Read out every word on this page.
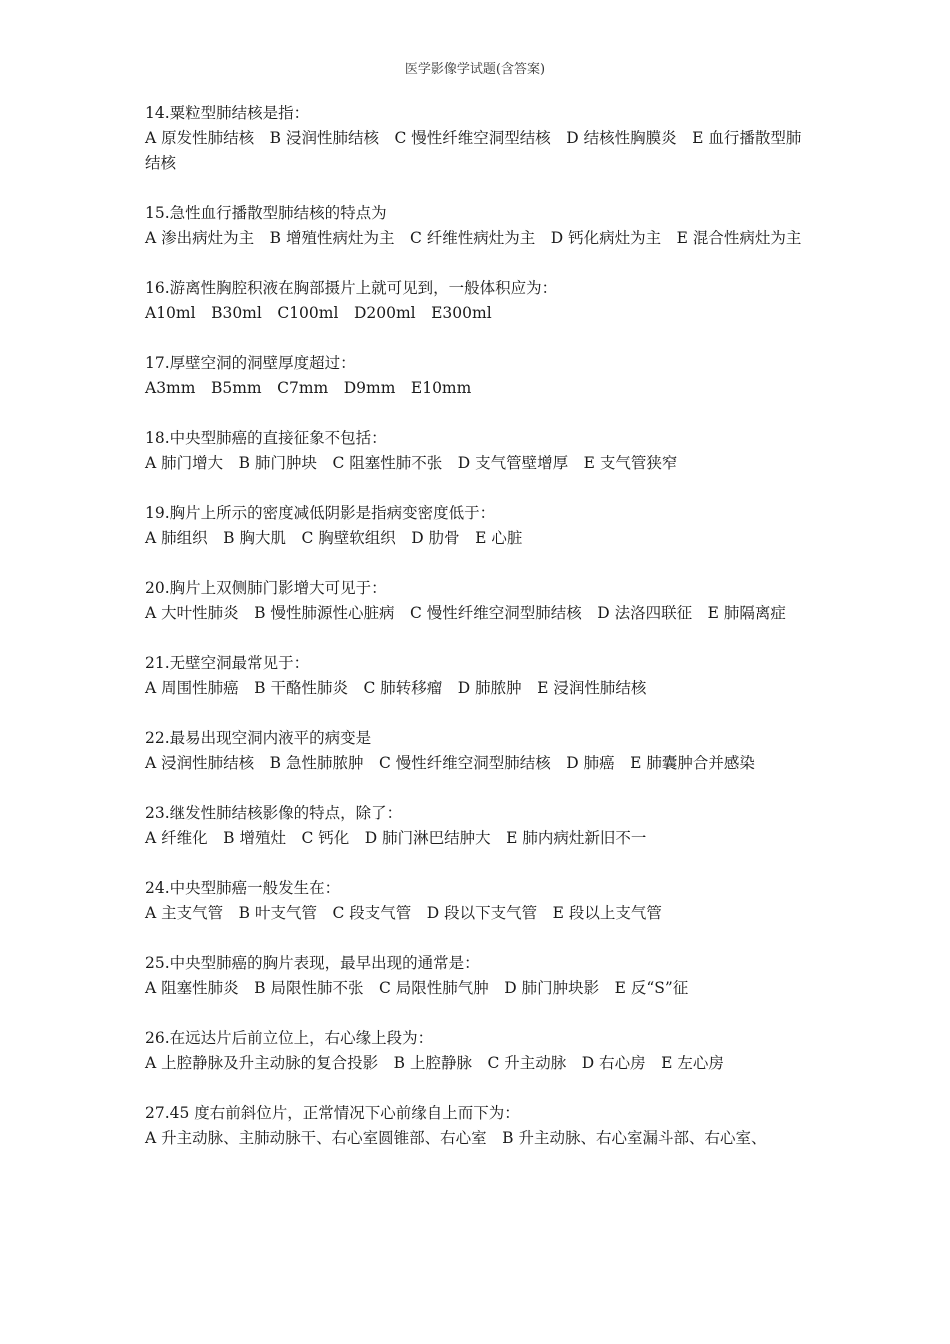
医学影像学试题(含答案)
14.粟粒型肺结核是指：
A 原发性肺结核　B 浸润性肺结核　C 慢性纤维空洞型结核　D 结核性胸膜炎　E 血行播散型肺结核
15.急性血行播散型肺结核的特点为
A 渗出病灶为主　B 增殖性病灶为主　C 纤维性病灶为主　D 钙化病灶为主　E 混合性病灶为主
16.游离性胸腔积液在胸部摄片上就可见到，一般体积应为：
A10ml　B30ml　C100ml　D200ml　E300ml
17.厚壁空洞的洞壁厚度超过：
A3mm　B5mm　C7mm　D9mm　E10mm
18.中央型肺癌的直接征象不包括：
A 肺门增大　B 肺门肿块　C 阻塞性肺不张　D 支气管壁增厚　E 支气管狭窄
19.胸片上所示的密度减低阴影是指病变密度低于：
A 肺组织　B 胸大肌　C 胸壁软组织　D 肋骨　E 心脏
20.胸片上双侧肺门影增大可见于：
A 大叶性肺炎　B 慢性肺源性心脏病　C 慢性纤维空洞型肺结核　D 法洛四联征　E 肺隔离症
21.无壁空洞最常见于：
A 周围性肺癌　B 干酪性肺炎　C 肺转移瘤　D 肺脓肿　E 浸润性肺结核
22.最易出现空洞内液平的病变是
A 浸润性肺结核　B 急性肺脓肿　C 慢性纤维空洞型肺结核　D 肺癌　E 肺囊肿合并感染
23.继发性肺结核影像的特点，除了：
A 纤维化　B 增殖灶　C 钙化　D 肺门淋巴结肿大　E 肺内病灶新旧不一
24.中央型肺癌一般发生在：
A 主支气管　B 叶支气管　C 段支气管　D 段以下支气管　E 段以上支气管
25.中央型肺癌的胸片表现，最早出现的通常是：
A 阻塞性肺炎　B 局限性肺不张　C 局限性肺气肿　D 肺门肿块影　E 反“S”征
26.在远达片后前立位上，右心缘上段为：
A 上腔静脉及升主动脉的复合投影　B 上腔静脉　C 升主动脉　D 右心房　E 左心房
27.45 度右前斜位片，正常情况下心前缘自上而下为：
A 升主动脉、主肺动脉干、右心室圆锥部、右心室　B 升主动脉、右心室漏斗部、右心室、
